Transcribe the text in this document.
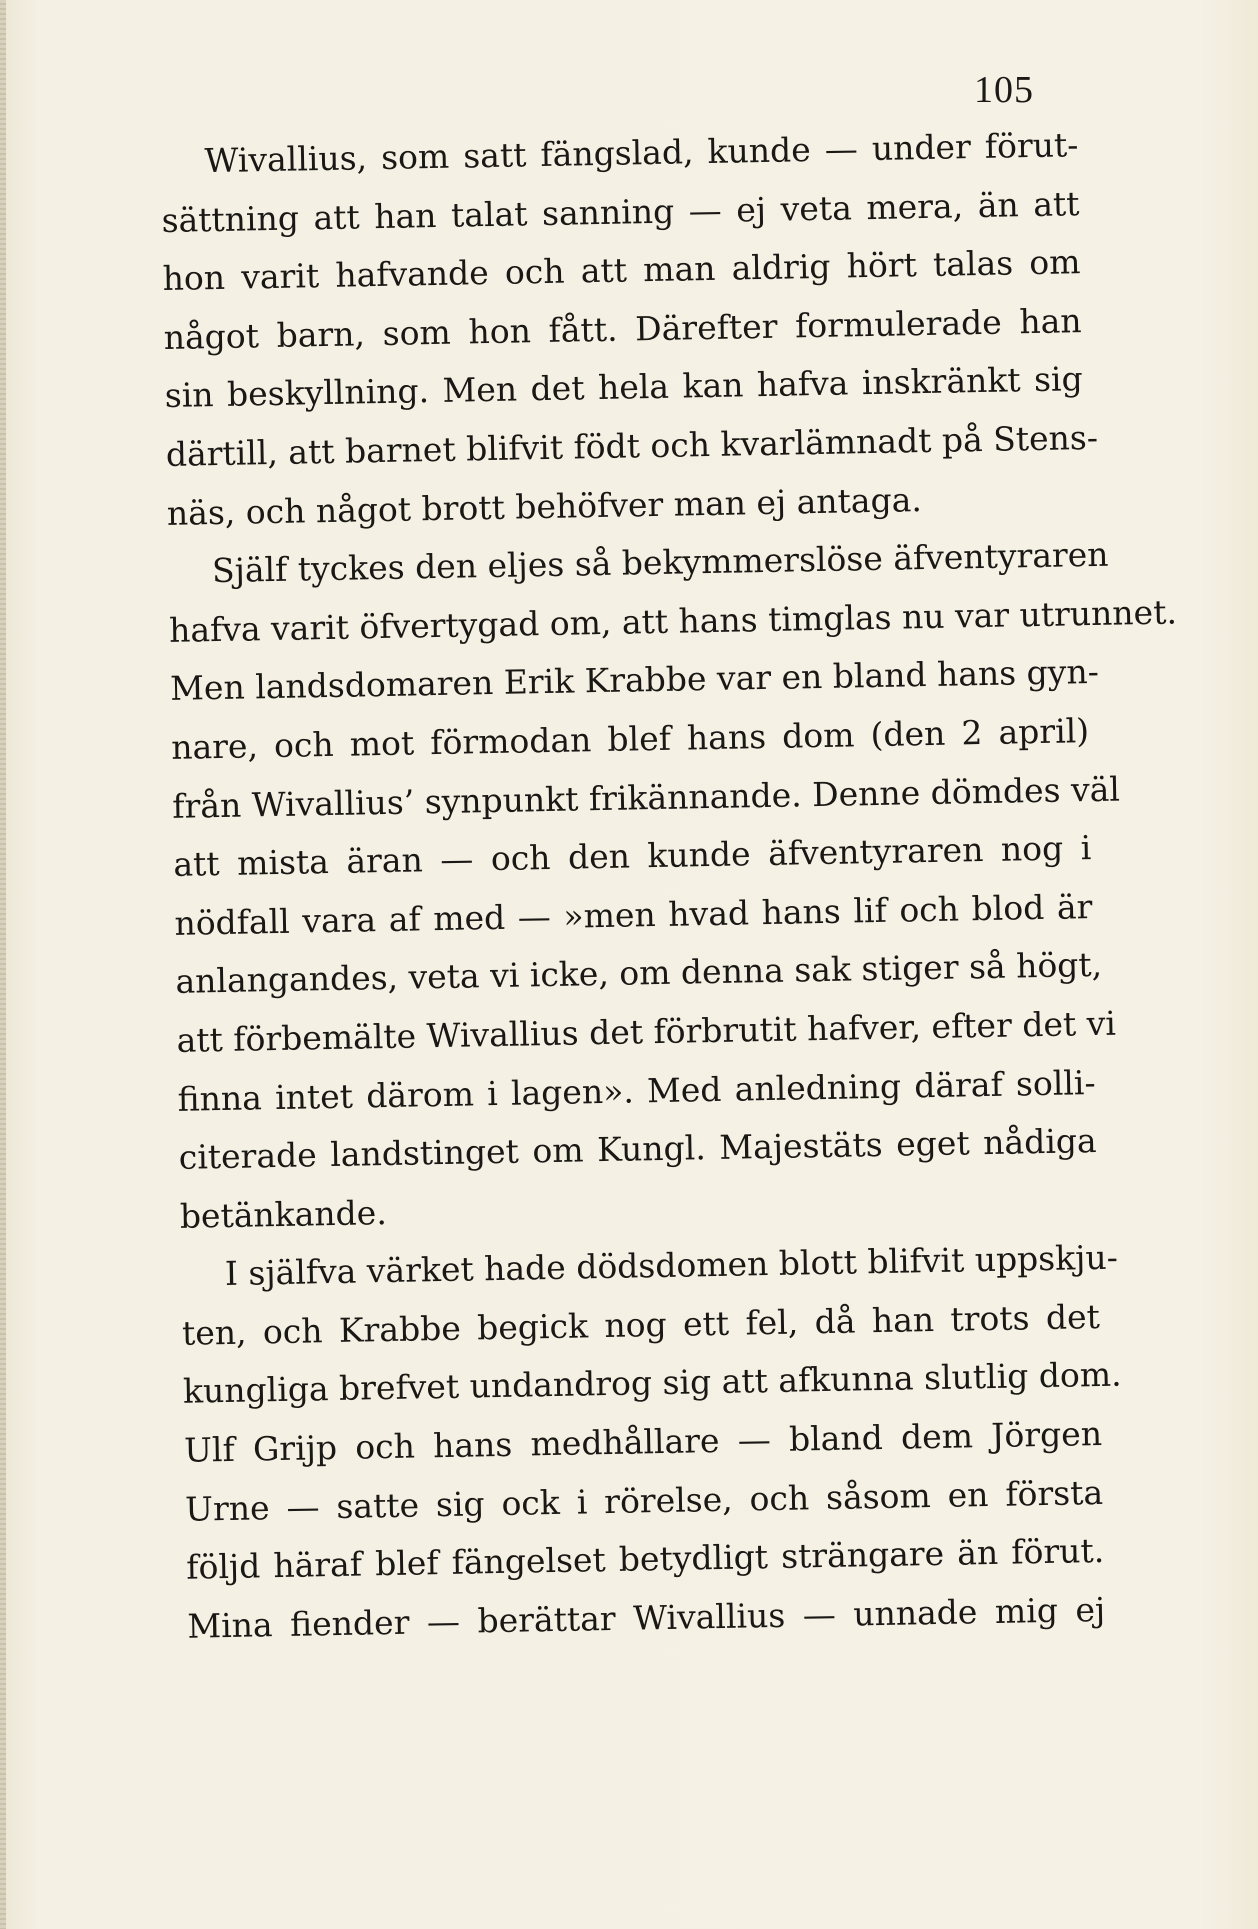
105
Wivallius, som satt fängslad, kunde — under förut-
sättning att han talat sanning — ej veta mera, än att
hon varit hafvande och att man aldrig hört talas om
något barn, som hon fått. Därefter formulerade han
sin beskyllning. Men det hela kan hafva inskränkt sig
därtill, att barnet blifvit födt och kvarlämnadt på Stens-
näs, och något brott behöfver man ej antaga.
Själf tyckes den eljes så bekymmerslöse äfventyraren
hafva varit öfvertygad om, att hans timglas nu var utrunnet.
Men landsdomaren Erik Krabbe var en bland hans gyn-
nare, och mot förmodan blef hans dom (den 2 april)
från Wivallius’ synpunkt frikännande. Denne dömdes väl
att mista äran — och den kunde äfventyraren nog i
nödfall vara af med — »men hvad hans lif och blod är
anlangandes, veta vi icke, om denna sak stiger så högt,
att förbemälte Wivallius det förbrutit hafver, efter det vi
finna intet därom i lagen». Med anledning däraf solli-
citerade landstinget om Kungl. Majestäts eget nådiga
betänkande.
I själfva värket hade dödsdomen blott blifvit uppskju-
ten, och Krabbe begick nog ett fel, då han trots det
kungliga brefvet undandrog sig att afkunna slutlig dom.
Ulf Grijp och hans medhållare — bland dem Jörgen
Urne — satte sig ock i rörelse, och såsom en första
följd häraf blef fängelset betydligt strängare än förut.
Mina fiender — berättar Wivallius — unnade mig ej
